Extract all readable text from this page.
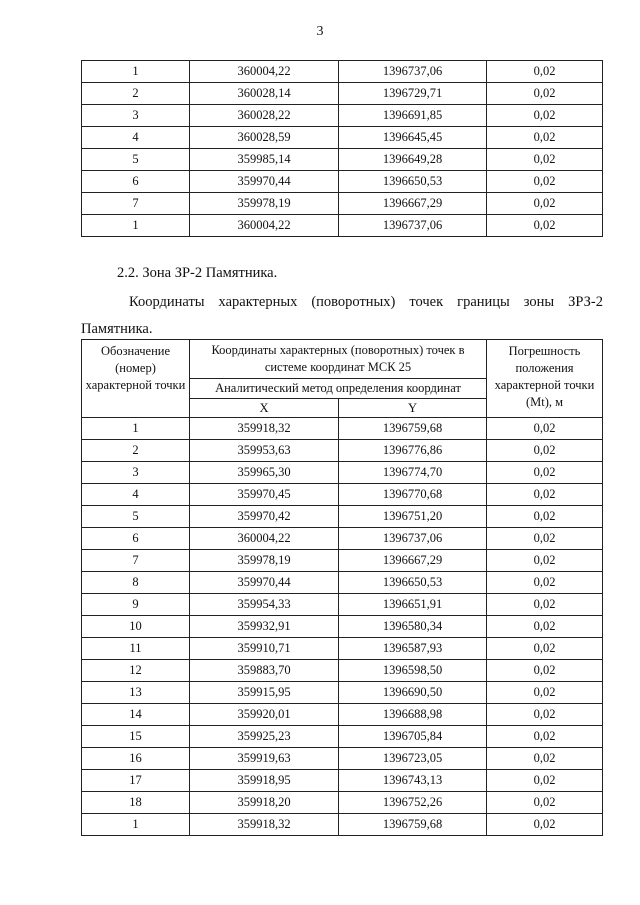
3
1	360004,22	1396737,06	0,02
2	360028,14	1396729,71	0,02
3	360028,22	1396691,85	0,02
4	360028,59	1396645,45	0,02
5	359985,14	1396649,28	0,02
6	359970,44	1396650,53	0,02
7	359978,19	1396667,29	0,02
1	360004,22	1396737,06	0,02
2.2. Зона ЗР-2 Памятника.
Координаты характерных (поворотных) точек границы зоны ЗРЗ-2 Памятника.
Обозначение (номер) характерной точки	Координаты характерных (поворотных) точек в системе координат МСК 25		Погрешность положения характерной точки (Mt), м
	Аналитический метод определения координат		
	X	Y	
1	359918,32	1396759,68	0,02
2	359953,63	1396776,86	0,02
3	359965,30	1396774,70	0,02
4	359970,45	1396770,68	0,02
5	359970,42	1396751,20	0,02
6	360004,22	1396737,06	0,02
7	359978,19	1396667,29	0,02
8	359970,44	1396650,53	0,02
9	359954,33	1396651,91	0,02
10	359932,91	1396580,34	0,02
11	359910,71	1396587,93	0,02
12	359883,70	1396598,50	0,02
13	359915,95	1396690,50	0,02
14	359920,01	1396688,98	0,02
15	359925,23	1396705,84	0,02
16	359919,63	1396723,05	0,02
17	359918,95	1396743,13	0,02
18	359918,20	1396752,26	0,02
1	359918,32	1396759,68	0,02
